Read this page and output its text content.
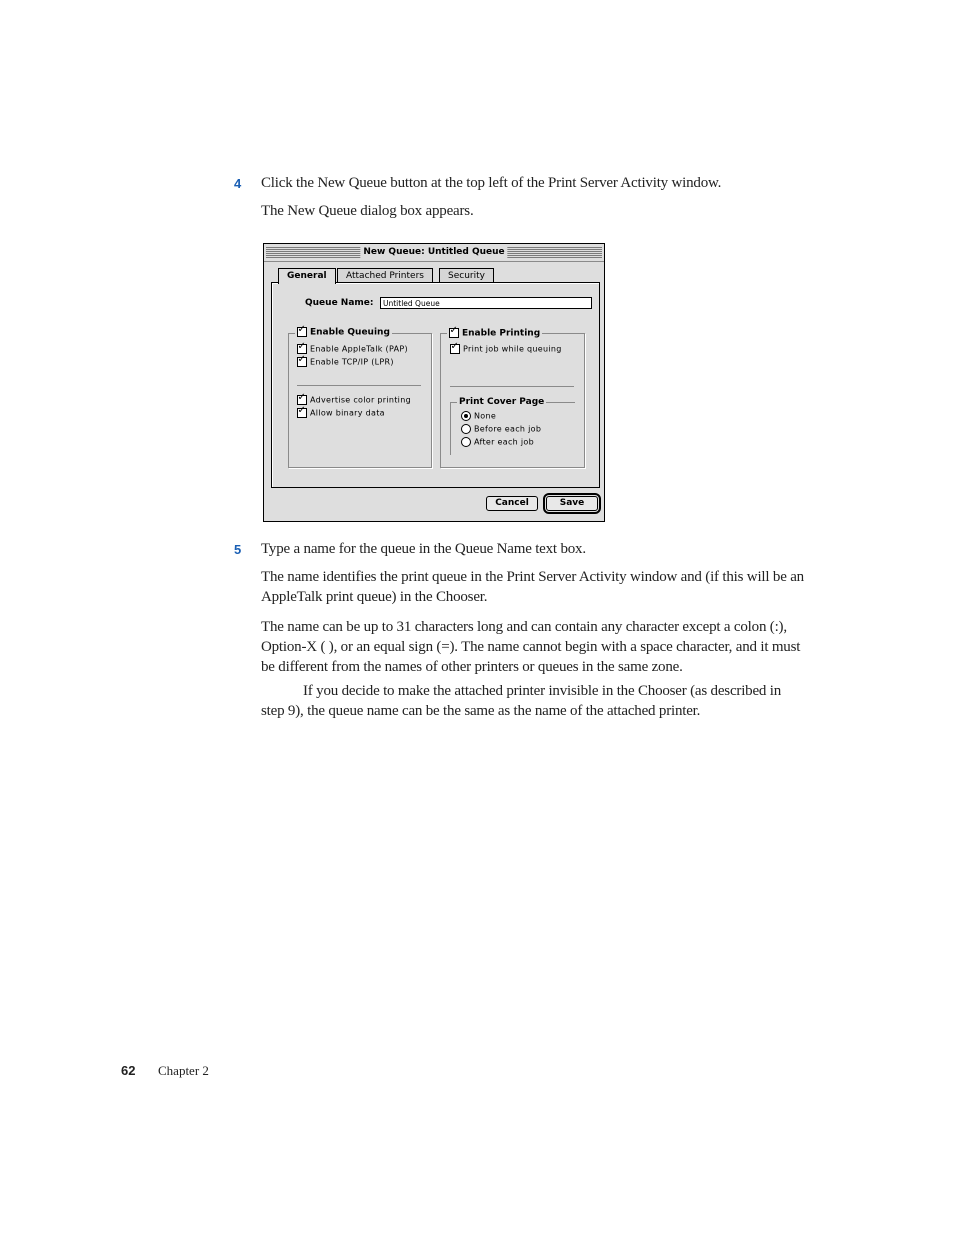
4 Click the New Queue button at the top left of the Print Server Activity window.
The New Queue dialog box appears.
New Queue: Untitled Queue
General	Attached Printers	Security
Queue Name:	Untitled Queue
✓Enable Queuing
✓Enable AppleTalk (PAP)
✓Enable TCP/IP (LPR)
✓Advertise color printing
✓Allow binary data
✓Enable Printing
✓Print job while queuing
Print Cover Page
None
Before each job
After each job
Cancel	Save
5 Type a name for the queue in the Queue Name text box.
The name identifies the print queue in the Print Server Activity window and (if this will be an AppleTalk print queue) in the Chooser.
The name can be up to 31 characters long and can contain any character except a colon (:), Option-X ( ), or an equal sign (=). The name cannot begin with a space character, and it must be different from the names of other printers or queues in the same zone.
If you decide to make the attached printer invisible in the Chooser (as described in step 9), the queue name can be the same as the name of the attached printer.
62 Chapter 2
